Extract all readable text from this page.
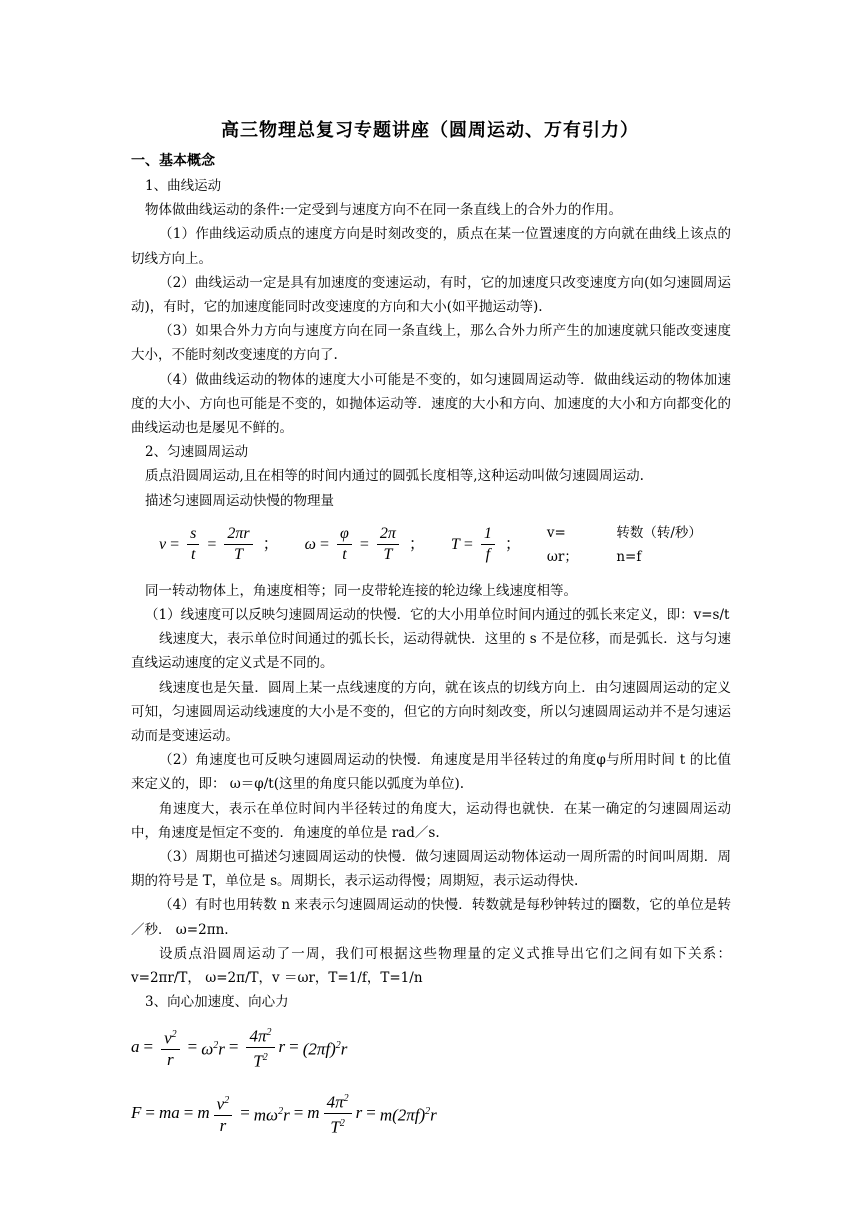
高三物理总复习专题讲座（圆周运动、万有引力）
一、基本概念

1、曲线运动

物体做曲线运动的条件:一定受到与速度方向不在同一条直线上的合外力的作用。

（1）作曲线运动质点的速度方向是时刻改变的，质点在某一位置速度的方向就在曲线上该点的切线方向上。

（2）曲线运动一定是具有加速度的变速运动，有时，它的加速度只改变速度方向(如匀速圆周运动)，有时，它的加速度能同时改变速度的方向和大小(如平抛运动等).

（3）如果合外力方向与速度方向在同一条直线上，那么合外力所产生的加速度就只能改变速度大小，不能时刻改变速度的方向了.

（4）做曲线运动的物体的速度大小可能是不变的，如匀速圆周运动等．做曲线运动的物体加速度的大小、方向也可能是不变的，如抛体运动等．速度的大小和方向、加速度的大小和方向都变化的曲线运动也是屡见不鲜的。

2、匀速圆周运动

质点沿圆周运动,且在相等的时间内通过的圆弧长度相等,这种运动叫做匀速圆周运动.

描述匀速圆周运动快慢的物理量

$v = \frac{s}{t} = \frac{2\pi r}{T}$ ； $\omega = \frac{\varphi}{t} = \frac{2\pi}{T}$ ； $T = \frac{1}{f}$ ；
v= ωr；
转数（转/秒）n=f

同一转动物体上，角速度相等；同一皮带轮连接的轮边缘上线速度相等。

（1）线速度可以反映匀速圆周运动的快慢．它的大小用单位时间内通过的弧长来定义，即：v=s/t

线速度大，表示单位时间通过的弧长长，运动得就快．这里的 s 不是位移，而是弧长．这与匀速直线运动速度的定义式是不同的。

线速度也是矢量．圆周上某一点线速度的方向，就在该点的切线方向上．由匀速圆周运动的定义可知，匀速圆周运动线速度的大小是不变的，但它的方向时刻改变，所以匀速圆周运动并不是匀速运动而是变速运动。

（2）角速度也可反映匀速圆周运动的快慢．角速度是用半径转过的角度φ与所用时间 t 的比值来定义的，即： ω＝φ/t(这里的角度只能以弧度为单位).

角速度大，表示在单位时间内半径转过的角度大，运动得也就快．在某一确定的匀速圆周运动中，角速度是恒定不变的．角速度的单位是 rad／s.

（3）周期也可描述匀速圆周运动的快慢．做匀速圆周运动物体运动一周所需的时间叫周期．周期的符号是 T，单位是 s。周期长，表示运动得慢；周期短，表示运动得快.

（4）有时也用转数 n 来表示匀速圆周运动的快慢．转数就是每秒钟转过的圈数，它的单位是转／秒． ω=2πn.

设质点沿圆周运动了一周，我们可根据这些物理量的定义式推导出它们之间有如下关系：v=2πr/T， ω=2π/T，v ＝ωr，T=1/f，T=1/n

3、向心加速度、向心力

$a = \frac{v^2}{r} = \omega^2r = \frac{4\pi^2}{T^2}$ $r = (2\pi f)^2r$
F = ma = m $\frac{v^2}{r} = m\omega^2r = m \frac{4\pi^2}{T^2}$ $r = m(2\pi f)^2r$
